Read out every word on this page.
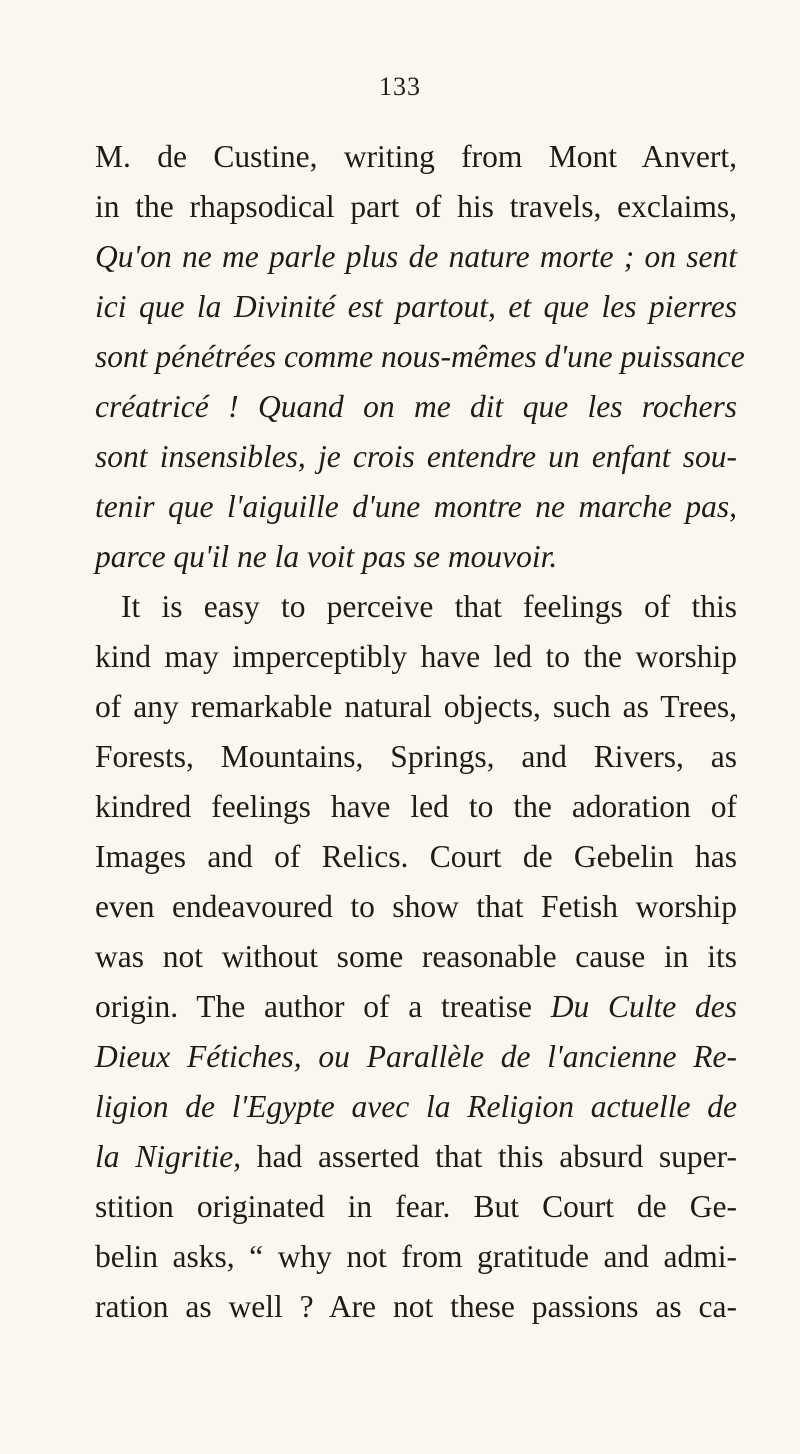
133
M. de Custine, writing from Mont Anvert,
in the rhapsodical part of his travels, exclaims,
Qu'on ne me parle plus de nature morte ; on sent
ici que la Divinité est partout, et que les pierres
sont pénétrées comme nous-mêmes d'une puissance
créatricé ! Quand on me dit que les rochers
sont insensibles, je crois entendre un enfant sou-
tenir que l'aiguille d'une montre ne marche pas,
parce qu'il ne la voit pas se mouvoir.
It is easy to perceive that feelings of this
kind may imperceptibly have led to the worship
of any remarkable natural objects, such as Trees,
Forests, Mountains, Springs, and Rivers, as
kindred feelings have led to the adoration of
Images and of Relics. Court de Gebelin has
even endeavoured to show that Fetish worship
was not without some reasonable cause in its
origin. The author of a treatise Du Culte des
Dieux Fétiches, ou Parallèle de l'ancienne Re-
ligion de l'Egypte avec la Religion actuelle de
la Nigritie, had asserted that this absurd super-
stition originated in fear. But Court de Ge-
belin asks, “ why not from gratitude and admi-
ration as well ? Are not these passions as ca-
